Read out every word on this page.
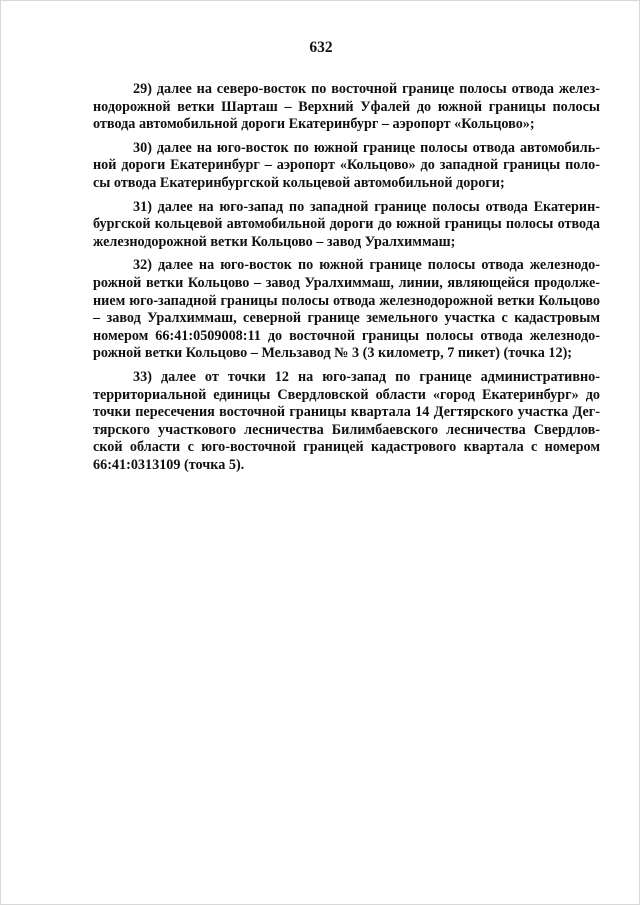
632

29) далее на северо-восток по восточной границе полосы отвода железнодорожной ветки Шарташ – Верхний Уфалей до южной границы полосы отвода автомобильной дороги Екатеринбург – аэропорт «Кольцово»;

30) далее на юго-восток по южной границе полосы отвода автомобильной дороги Екатеринбург – аэропорт «Кольцово» до западной границы полосы отвода Екатеринбургской кольцевой автомобильной дороги;

31) далее на юго-запад по западной границе полосы отвода Екатеринбургской кольцевой автомобильной дороги до южной границы полосы отвода железнодорожной ветки Кольцово – завод Уралхиммаш;

32) далее на юго-восток по южной границе полосы отвода железнодорожной ветки Кольцово – завод Уралхиммаш, линии, являющейся продолжением юго-западной границы полосы отвода железнодорожной ветки Кольцово – завод Уралхиммаш, северной границе земельного участка с кадастровым номером 66:41:0509008:11 до восточной границы полосы отвода железнодорожной ветки Кольцово – Мельзавод № 3 (3 километр, 7 пикет) (точка 12);

33) далее от точки 12 на юго-запад по границе административно-территориальной единицы Свердловской области «город Екатеринбург» до точки пересечения восточной границы квартала 14 Дегтярского участка Дегтярского участкового лесничества Билимбаевского лесничества Свердловской области с юго-восточной границей кадастрового квартала с номером 66:41:0313109 (точка 5).
